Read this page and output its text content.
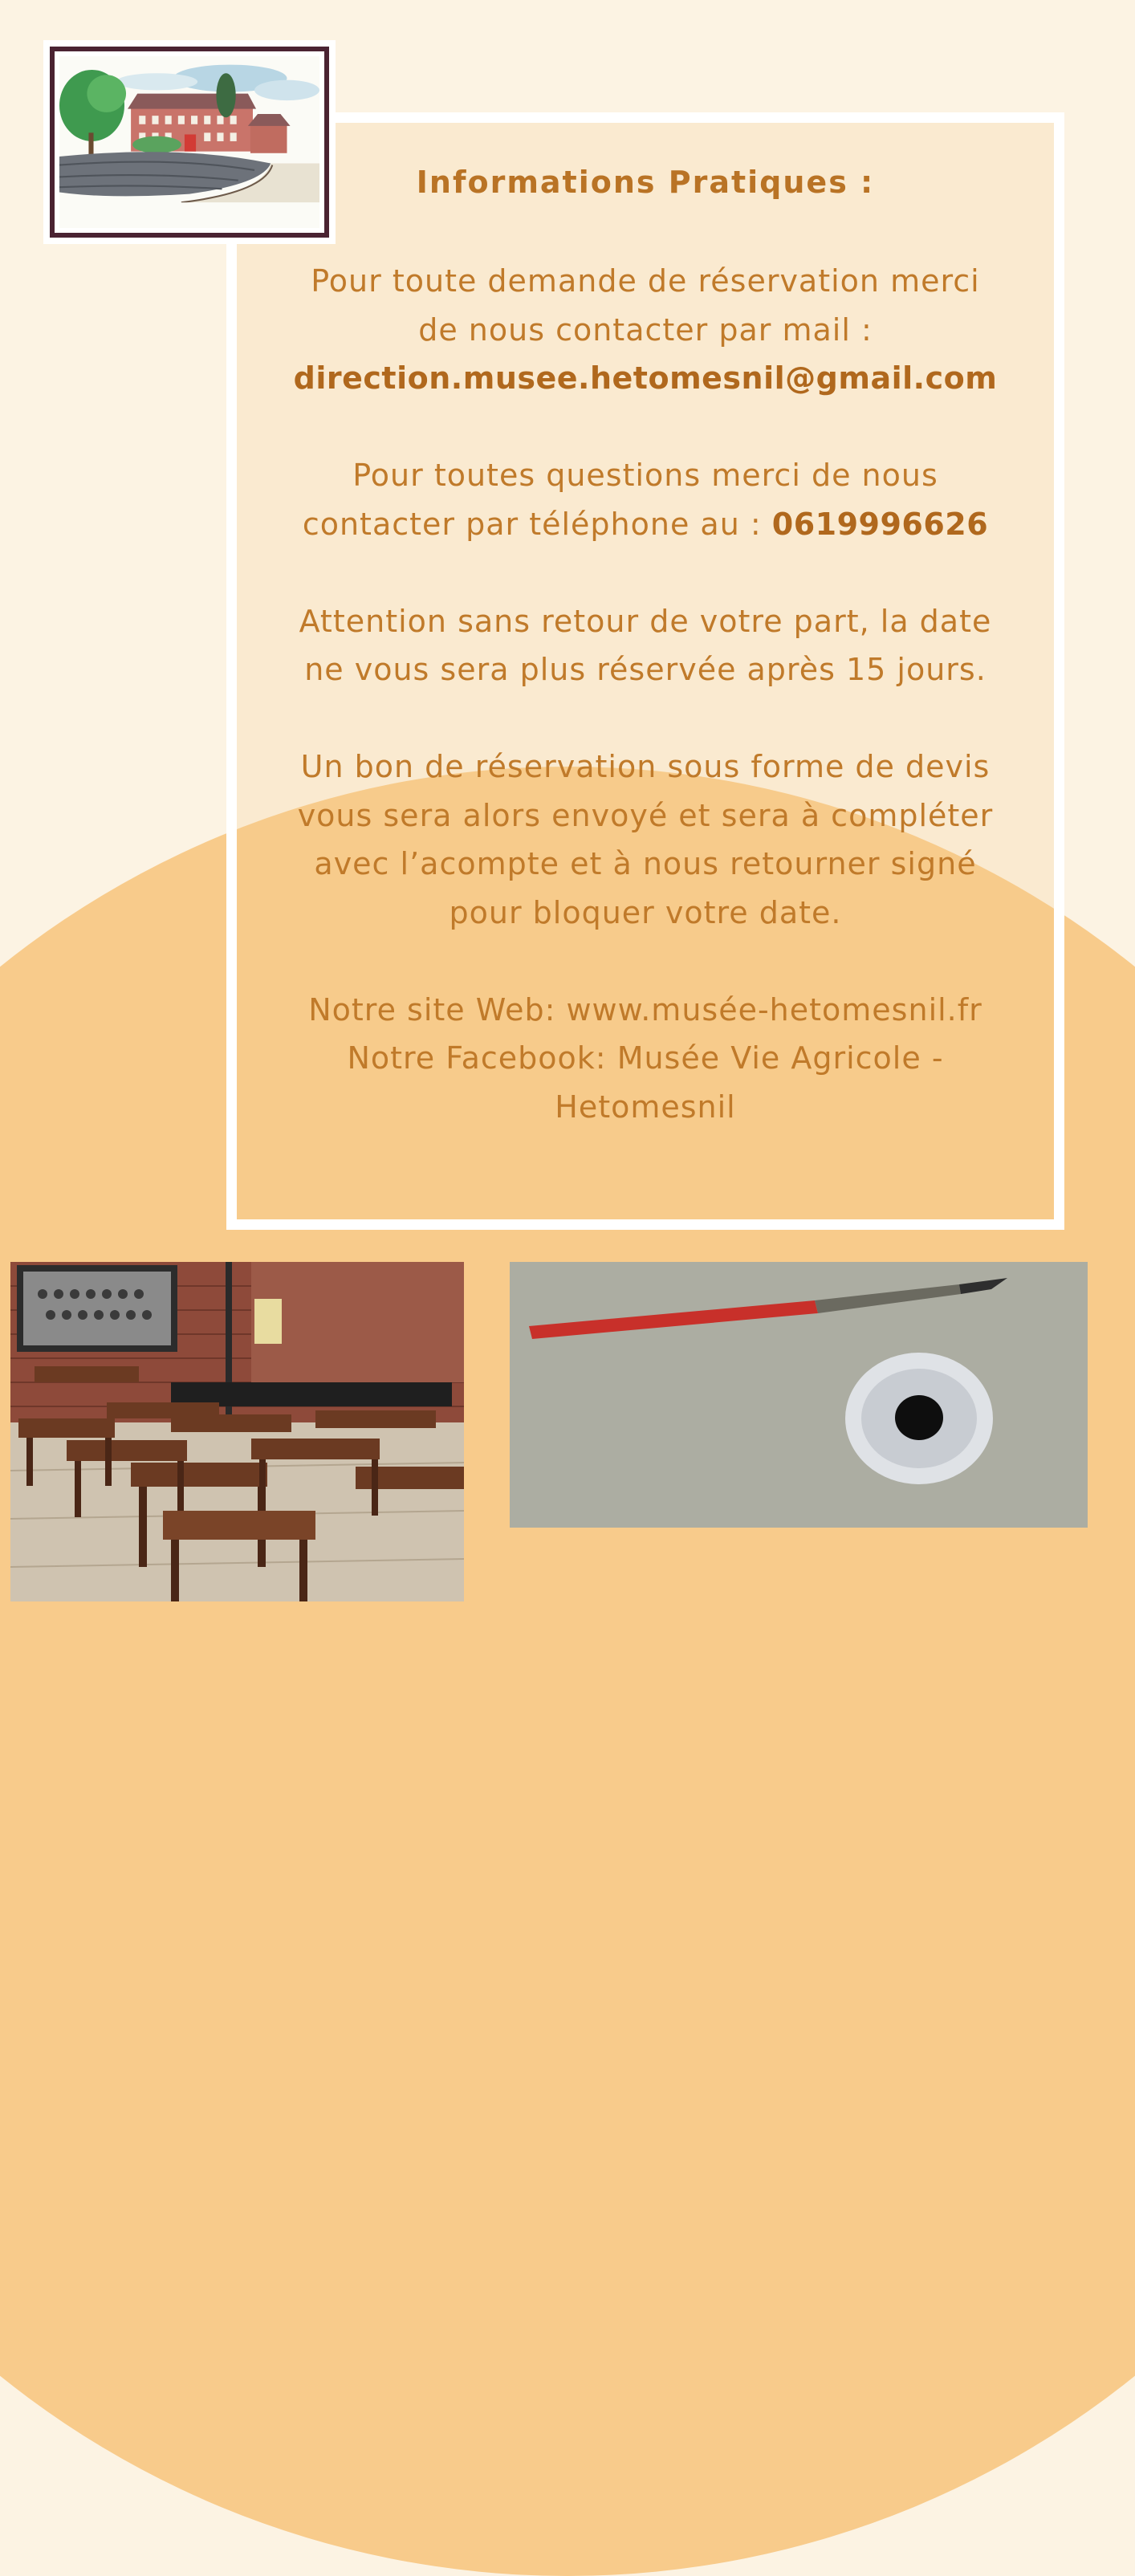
Informations Pratiques :

Pour toute demande de réservation merci
de nous contacter par mail :
direction.musee.hetomesnil@gmail.com

Pour toutes questions merci de nous
contacter par téléphone au : 0619996626

Attention sans retour de votre part, la date
ne vous sera plus réservée après 15 jours.

Un bon de réservation sous forme de devis
vous sera alors envoyé et sera à compléter
avec l’acompte et à nous retourner signé
pour bloquer votre date.

Notre site Web: www.musée-hetomesnil.fr
Notre Facebook: Musée Vie Agricole -
Hetomesnil
